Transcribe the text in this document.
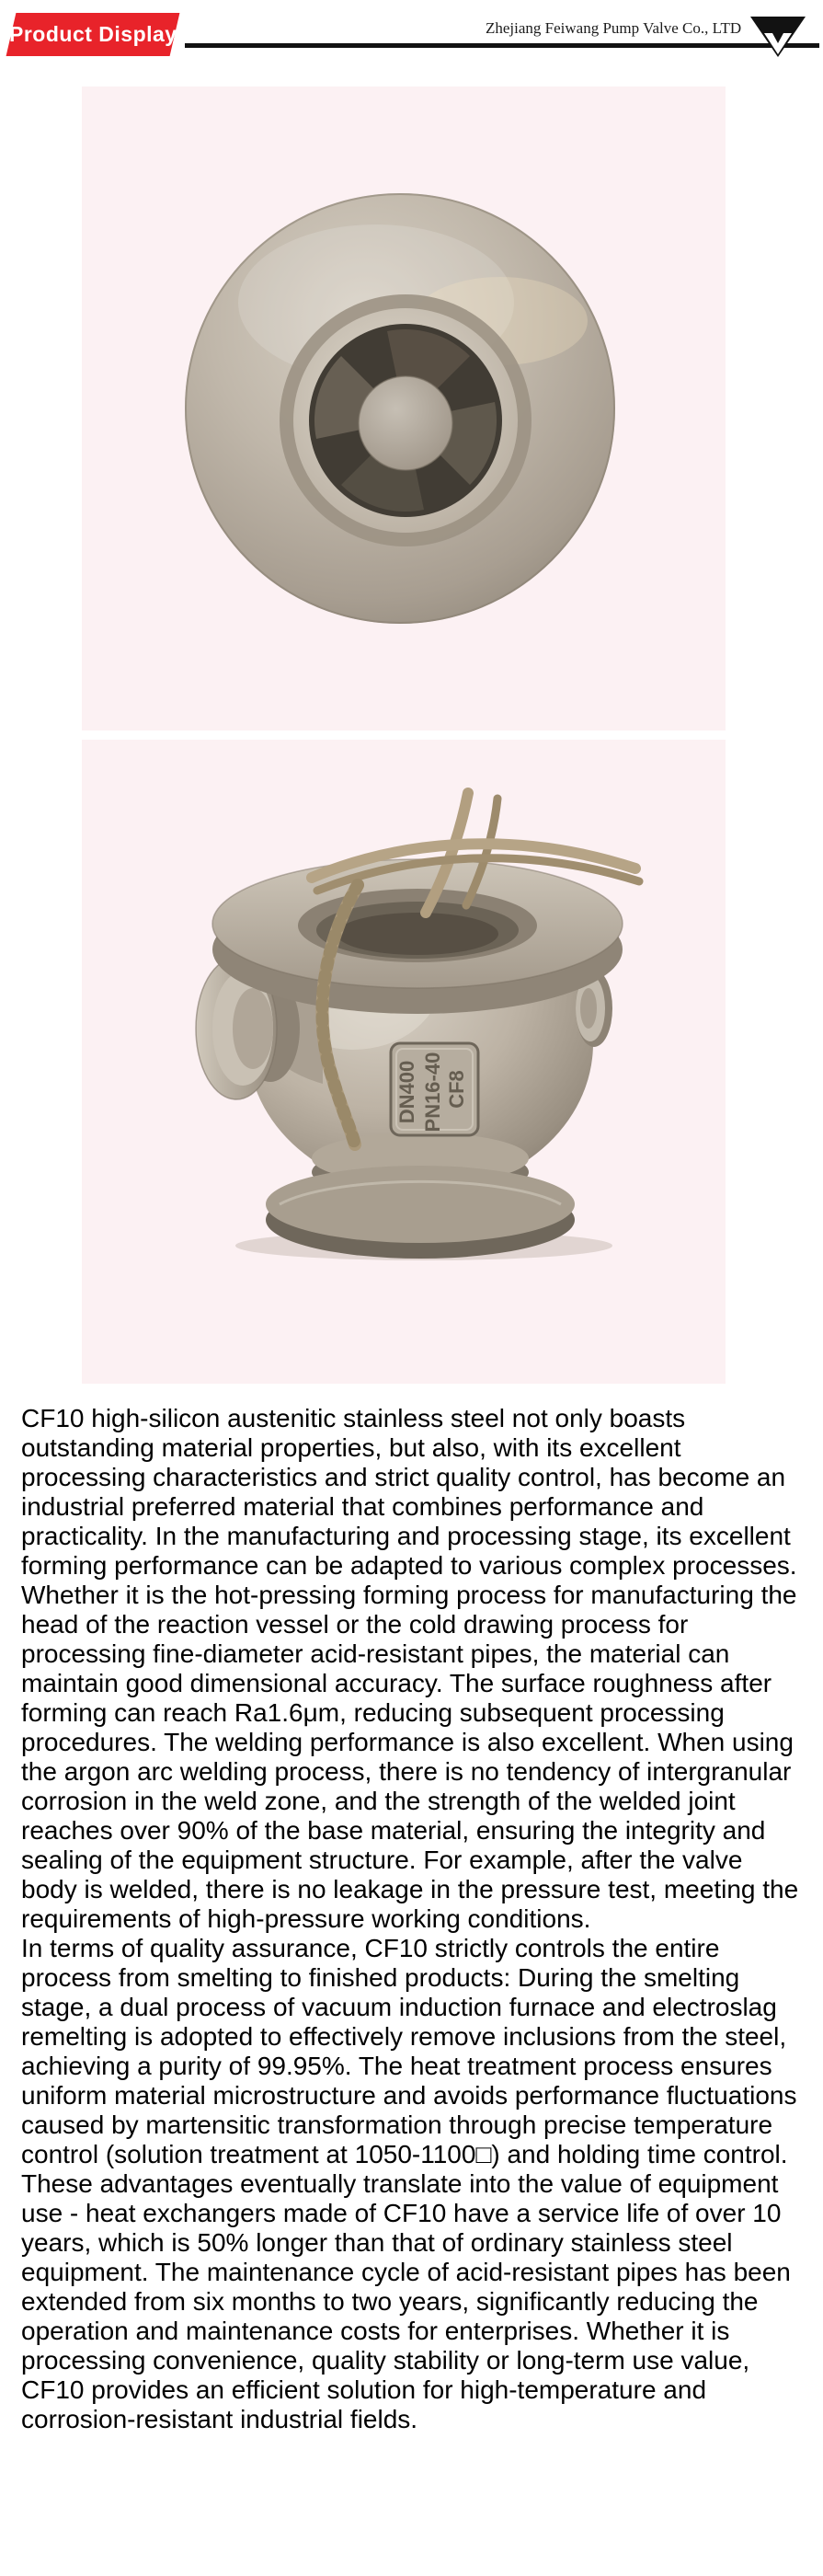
Product Display	Zhejiang Feiwang Pump Valve Co., LTD
DN400 PN16-40 CF8

CF10 high-silicon austenitic stainless steel not only boasts outstanding material properties, but also, with its excellent processing characteristics and strict quality control, has become an industrial preferred material that combines performance and practicality. In the manufacturing and processing stage, its excellent forming performance can be adapted to various complex processes. Whether it is the hot-pressing forming process for manufacturing the head of the reaction vessel or the cold drawing process for processing fine-diameter acid-resistant pipes, the material can maintain good dimensional accuracy. The surface roughness after forming can reach Ra1.6μm, reducing subsequent processing procedures. The welding performance is also excellent. When using the argon arc welding process, there is no tendency of intergranular corrosion in the weld zone, and the strength of the welded joint reaches over 90% of the base material, ensuring the integrity and sealing of the equipment structure. For example, after the valve body is welded, there is no leakage in the pressure test, meeting the requirements of high-pressure working conditions.

In terms of quality assurance, CF10 strictly controls the entire process from smelting to finished products: During the smelting stage, a dual process of vacuum induction furnace and electroslag remelting is adopted to effectively remove inclusions from the steel, achieving a purity of 99.95%. The heat treatment process ensures uniform material microstructure and avoids performance fluctuations caused by martensitic transformation through precise temperature control (solution treatment at 1050-1100□) and holding time control. These advantages eventually translate into the value of equipment use - heat exchangers made of CF10 have a service life of over 10 years, which is 50% longer than that of ordinary stainless steel equipment. The maintenance cycle of acid-resistant pipes has been extended from six months to two years, significantly reducing the operation and maintenance costs for enterprises. Whether it is processing convenience, quality stability or long-term use value, CF10 provides an efficient solution for high-temperature and corrosion-resistant industrial fields.
